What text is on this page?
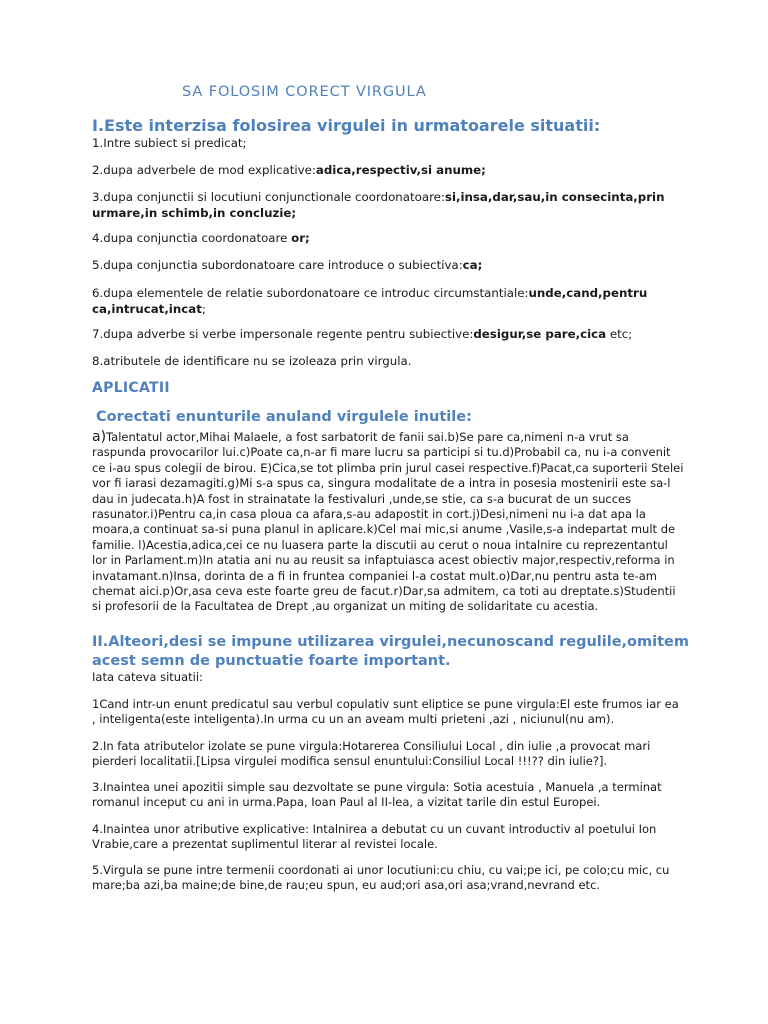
SA FOLOSIM CORECT VIRGULA
I.Este interzisa folosirea virgulei in urmatoarele situatii:

1.Intre subiect si predicat;

2.dupa adverbele de mod explicative:adica,respectiv,si anume;

3.dupa conjunctii si locutiuni conjunctionale coordonatoare:si,insa,dar,sau,in consecinta,prin urmare,in schimb,in concluzie;

4.dupa conjunctia coordonatoare or;

5.dupa conjunctia subordonatoare care introduce o subiectiva:ca;

6.dupa elementele de relatie subordonatoare ce introduc circumstantiale:unde,cand,pentru ca,intrucat,incat;

7.dupa adverbe si verbe impersonale regente pentru subiective:desigur,se pare,cica etc;

8.atributele de identificare nu se izoleaza prin virgula.

APLICATII
Corectati enunturile anuland virgulele inutile:

a)Talentatul actor,Mihai Malaele, a fost sarbatorit de fanii sai.b)Se pare ca,nimeni n-a vrut sa raspunda provocarilor lui.c)Poate ca,n-ar fi mare lucru sa participi si tu.d)Probabil ca, nu i-a convenit ce i-au spus colegii de birou. E)Cica,se tot plimba prin jurul casei respective.f)Pacat,ca suporterii Stelei vor fi iarasi dezamagiti.g)Mi s-a spus ca, singura modalitate de a intra in posesia mostenirii este sa-l dau in judecata.h)A fost in strainatate la festivaluri ,unde,se stie, ca s-a bucurat de un succes rasunator.i)Pentru ca,in casa ploua ca afara,s-au adapostit in cort.j)Desi,nimeni nu i-a dat apa la moara,a continuat sa-si puna planul in aplicare.k)Cel mai mic,si anume ,Vasile,s-a indepartat mult de familie. l)Acestia,adica,cei ce nu luasera parte la discutii au cerut o noua intalnire cu reprezentantul lor in Parlament.m)In atatia ani nu au reusit sa infaptuiasca acest obiectiv major,respectiv,reforma in invatamant.n)Insa, dorinta de a fi in fruntea companiei l-a costat mult.o)Dar,nu pentru asta te-am chemat aici.p)Or,asa ceva este foarte greu de facut.r)Dar,sa admitem, ca toti au dreptate.s)Studentii si profesorii de la Facultatea de Drept ,au organizat un miting de solidaritate cu acestia.

II.Alteori,desi se impune utilizarea virgulei,necunoscand regulile,omitem acest semn de punctuatie foarte important.

Iata cateva situatii:

1Cand intr-un enunt predicatul sau verbul copulativ sunt eliptice se pune virgula:El este frumos iar ea , inteligenta(este inteligenta).In urma cu un an aveam multi prieteni ,azi , niciunul(nu am).

2.In fata atributelor izolate se pune virgula:Hotarerea Consiliului Local , din iulie ,a provocat mari pierderi localitatii.[Lipsa virgulei modifica sensul enuntului:Consiliul Local !!!?? din iulie?].

3.Inaintea unei apozitii simple sau dezvoltate se pune virgula: Sotia acestuia , Manuela ,a terminat romanul inceput cu ani in urma.Papa, Ioan Paul al II-lea, a vizitat tarile din estul Europei.

4.Inaintea unor atributive explicative: Intalnirea a debutat cu un cuvant introductiv al poetului Ion Vrabie,care a prezentat suplimentul literar al revistei locale.

5.Virgula se pune intre termenii coordonati ai unor locutiuni:cu chiu, cu vai;pe ici, pe colo;cu mic, cu mare;ba azi,ba maine;de bine,de rau;eu spun, eu aud;ori asa,ori asa;vrand,nevrand etc.
